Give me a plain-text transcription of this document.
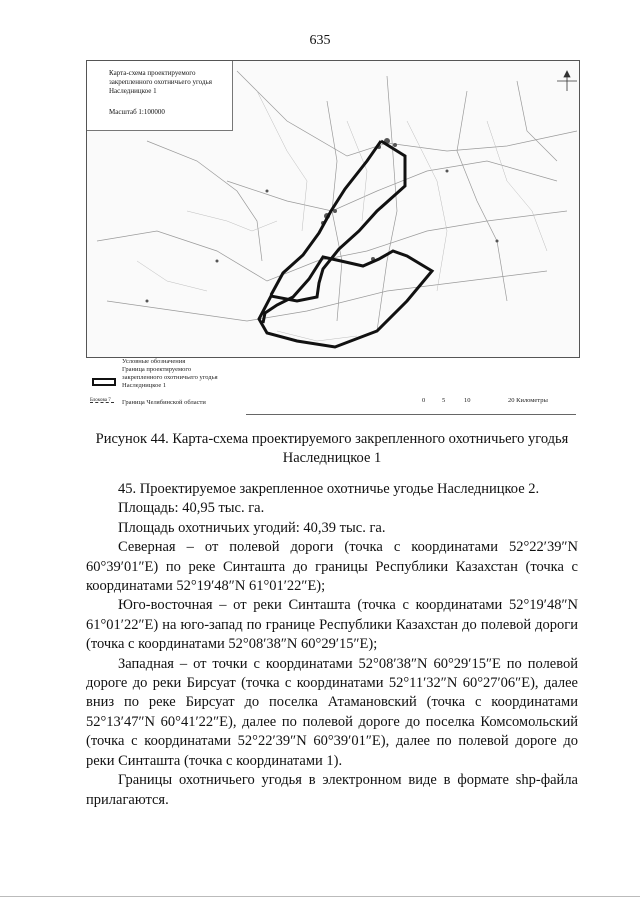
635
Карта-схема проектируемого
закрепленного охотничьего угодья
Наследницкое 1
Масштаб 1:100000
Условные обозначения
Граница проектируемого
закрепленного охотничьего угодья
Наследницкое 1
Блокова 7 Граница Челябинской области	0	5	10	20 Километры
Рисунок 44. Карта-схема проектируемого закрепленного охотничьего угодья
Наследницкое 1

45. Проектируемое закрепленное охотничье угодье Наследницкое 2.

Площадь: 40,95 тыс. га.

Площадь охотничьих угодий: 40,39 тыс. га.

Северная – от полевой дороги (точка с координатами 52°22′39″N 60°39′01″E) по реке Синташта до границы Республики Казахстан (точка с координатами 52°19′48″N 61°01′22″E);

Юго-восточная – от реки Синташта (точка с координатами 52°19′48″N 61°01′22″E) на юго-запад по границе Республики Казахстан до полевой дороги (точка с координатами 52°08′38″N 60°29′15″E);

Западная – от точки с координатами 52°08′38″N 60°29′15″E по полевой дороге до реки Бирсуат (точка с координатами 52°11′32″N 60°27′06″E), далее вниз по реке Бирсуат до поселка Атамановский (точка с координатами 52°13′47″N 60°41′22″E), далее по полевой дороге до поселка Комсомольский (точка с координатами 52°22′39″N 60°39′01″E), далее по полевой дороге до реки Синташта (точка с координатами 1).

Границы охотничьего угодья в электронном виде в формате shp-файла прилагаются.
